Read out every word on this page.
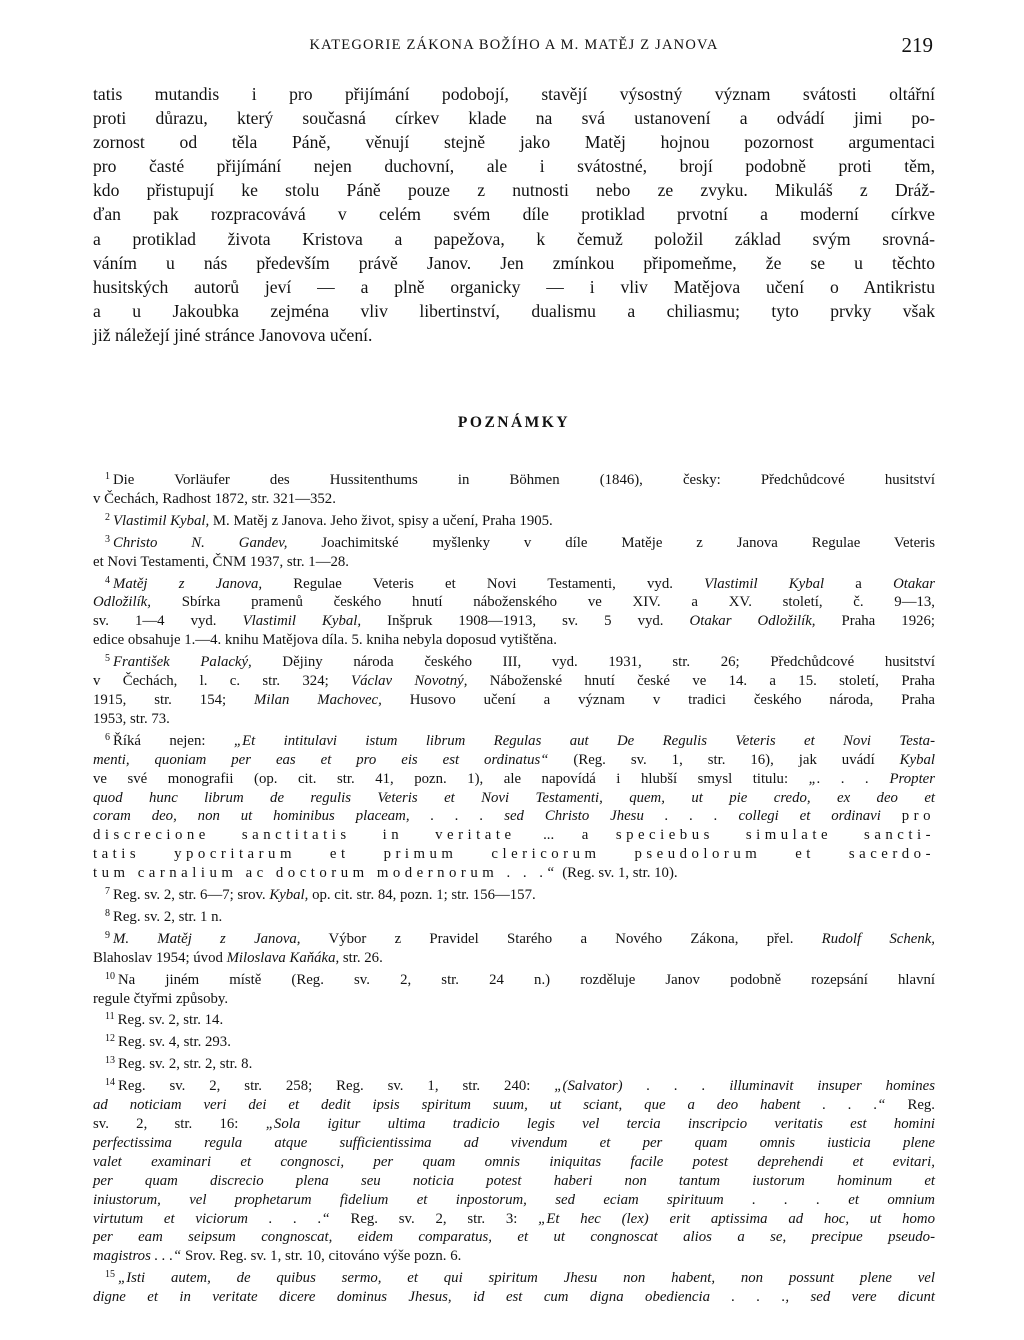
KATEGORIE ZÁKONA BOŽÍHO A M. MATĚJ Z JANOVA	219
tatis mutandis i pro přijímání podobojí, stavějí výsostný význam svátosti oltářní
proti důrazu, který současná církev klade na svá ustanovení a odvádí jimi po-
zornost od těla Páně, věnují stejně jako Matěj hojnou pozornost argumentaci
pro časté přijímání nejen duchovní, ale i svátostné, brojí podobně proti těm,
kdo přistupují ke stolu Páně pouze z nutnosti nebo ze zvyku. Mikuláš z Dráž-
ďan pak rozpracovává v celém svém díle protiklad prvotní a moderní církve
a protiklad života Kristova a papežova, k čemuž položil základ svým srovná-
váním u nás především právě Janov. Jen zmínkou připomeňme, že se u těchto
husitských autorů jeví — a plně organicky — i vliv Matějova učení o Antikristu
a u Jakoubka zejména vliv libertinství, dualismu a chiliasmu; tyto prvky však
již náležejí jiné stránce Janovova učení.
POZNÁMKY
$^1$ Die Vorläufer des Hussitenthums in Böhmen (1846), česky: Předchůdcové husitství
v Čechách, Radhost 1872, str. 321—352.
$^2$ Vlastimil Kybal, M. Matěj z Janova. Jeho život, spisy a učení, Praha 1905.
$^3$ Christo N. Gandev, Joachimitské myšlenky v díle Matěje z Janova Regulae Veteris
et Novi Testamenti, ČNM 1937, str. 1—28.
$^4$ Matěj z Janova, Regulae Veteris et Novi Testamenti, vyd. Vlastimil Kybal a Otakar
Odložilík, Sbírka pramenů českého hnutí náboženského ve XIV. a XV. století, č. 9—13,
sv. 1—4 vyd. Vlastimil Kybal, Inšpruk 1908—1913, sv. 5 vyd. Otakar Odložilík, Praha 1926;
edice obsahuje 1.—4. knihu Matějova díla. 5. kniha nebyla doposud vytištěna.
$^5$ František Palacký, Dějiny národa českého III, vyd. 1931, str. 26; Předchůdcové husitství
v Čechách, l. c. str. 324; Václav Novotný, Náboženské hnutí české ve 14. a 15. století, Praha
1915, str. 154; Milan Machovec, Husovo učení a význam v tradici českého národa, Praha
1953, str. 73.
$^6$ Říká nejen: „Et intitulavi istum librum Regulas aut De Regulis Veteris et Novi Testa-
menti, quoniam per eas et pro eis est ordinatus“ (Reg. sv. 1, str. 16), jak uvádí Kybal
ve své monografii (op. cit. str. 41, pozn. 1), ale napovídá i hlubší smysl titulu: „. . . Propter
quod hunc librum de regulis Veteris et Novi Testamenti, quem, ut pie credo, ex deo et
coram deo, non ut hominibus placeam, . . . sed Christo Jhesu . . . collegi et ordinavi pro
discrecione sanctitatis in veritate ... a speciebus simulate sancti-
tatis ypocritarum et primum clericorum pseudolorum et sacerdo-
tum carnalium ac doctorum modernorum . . .“ (Reg. sv. 1, str. 10).
$^7$ Reg. sv. 2, str. 6—7; srov. Kybal, op. cit. str. 84, pozn. 1; str. 156—157.
$^8$ Reg. sv. 2, str. 1 n.
$^9$ M. Matěj z Janova, Výbor z Pravidel Starého a Nového Zákona, přel. Rudolf Schenk,
Blahoslav 1954; úvod Miloslava Kaňáka, str. 26.
$^{10}$ Na jiném místě (Reg. sv. 2, str. 24 n.) rozděluje Janov podobně rozepsání hlavní
regule čtyřmi způsoby.
$^{11}$ Reg. sv. 2, str. 14.
$^{12}$ Reg. sv. 4, str. 293.
$^{13}$ Reg. sv. 2, str. 2, str. 8.
$^{14}$ Reg. sv. 2, str. 258; Reg. sv. 1, str. 240: „(Salvator) . . . illuminavit insuper homines
ad noticiam veri dei et dedit ipsis spiritum suum, ut sciant, que a deo habent . . .“ Reg.
sv. 2, str. 16: „Sola igitur ultima tradicio legis vel tercia inscripcio veritatis est homini
perfectissima regula atque sufficientissima ad vivendum et per quam omnis iusticia plene
valet examinari et congnosci, per quam omnis iniquitas facile potest deprehendi et evitari,
per quam discrecio plena seu noticia potest haberi non tantum iustorum hominum et
iniustorum, vel prophetarum fidelium et inpostorum, sed eciam spirituum . . . et omnium
virtutum et viciorum . . .“ Reg. sv. 2, str. 3: „Et hec (lex) erit aptissima ad hoc, ut homo
per eam seipsum congnoscat, eidem comparatus, et ut congnoscat alios a se, precipue pseudo-
magistros . . .“ Srov. Reg. sv. 1, str. 10, citováno výše pozn. 6.
$^{15}$ „Isti autem, de quibus sermo, et qui spiritum Jhesu non habent, non possunt plene vel
digne et in veritate dicere dominus Jhesus, id est cum digna obediencia . . ., sed vere dicunt
